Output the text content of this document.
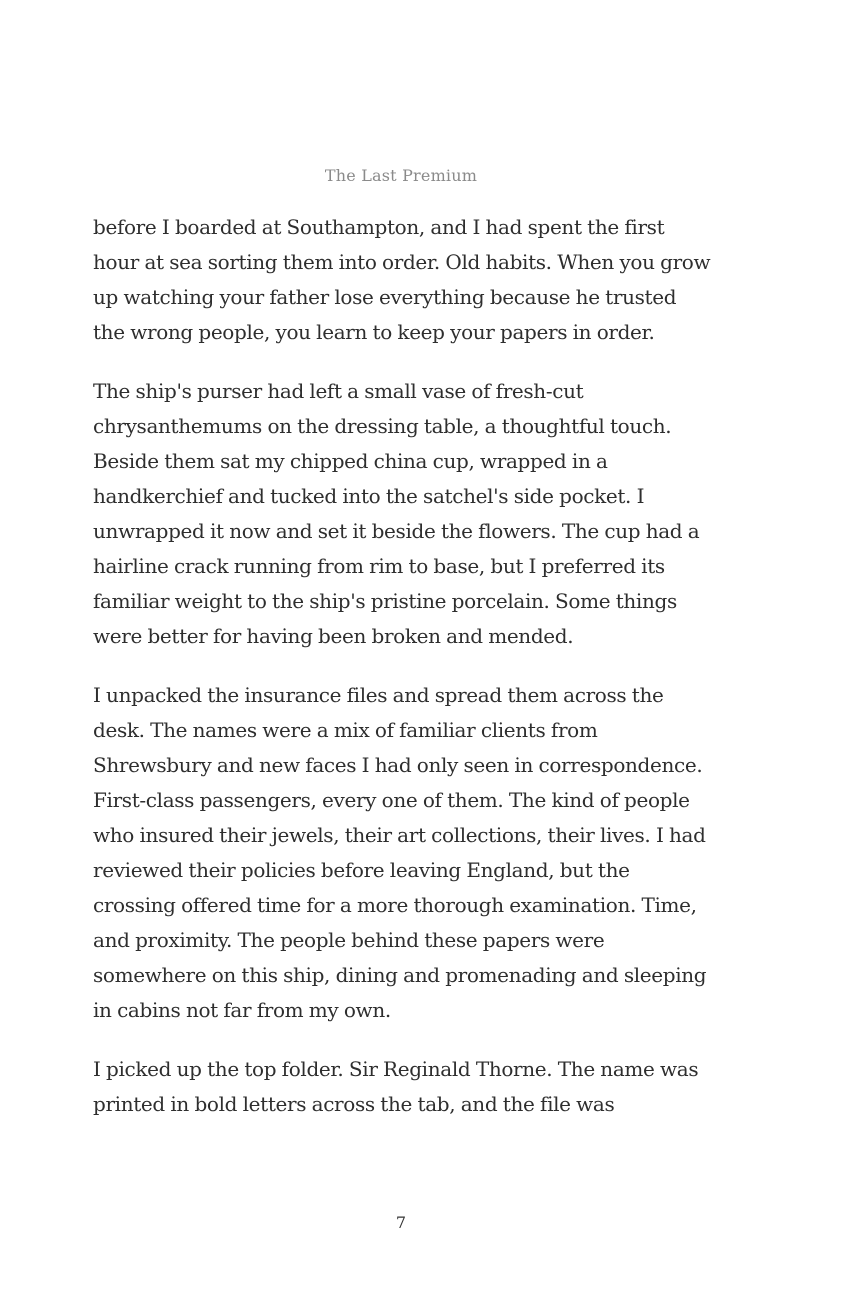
The Last Premium

before I boarded at Southampton, and I had spent the first hour at sea sorting them into order. Old habits. When you grow up watching your father lose everything because he trusted the wrong people, you learn to keep your papers in order.

The ship's purser had left a small vase of fresh-cut chrysanthemums on the dressing table, a thoughtful touch. Beside them sat my chipped china cup, wrapped in a handkerchief and tucked into the satchel's side pocket. I unwrapped it now and set it beside the flowers. The cup had a hairline crack running from rim to base, but I preferred its familiar weight to the ship's pristine porcelain. Some things were better for having been broken and mended.

I unpacked the insurance files and spread them across the desk. The names were a mix of familiar clients from Shrewsbury and new faces I had only seen in correspondence. First-class passengers, every one of them. The kind of people who insured their jewels, their art collections, their lives. I had reviewed their policies before leaving England, but the crossing offered time for a more thorough examination. Time, and proximity. The people behind these papers were somewhere on this ship, dining and promenading and sleeping in cabins not far from my own.

I picked up the top folder. Sir Reginald Thorne. The name was printed in bold letters across the tab, and the file was

7
